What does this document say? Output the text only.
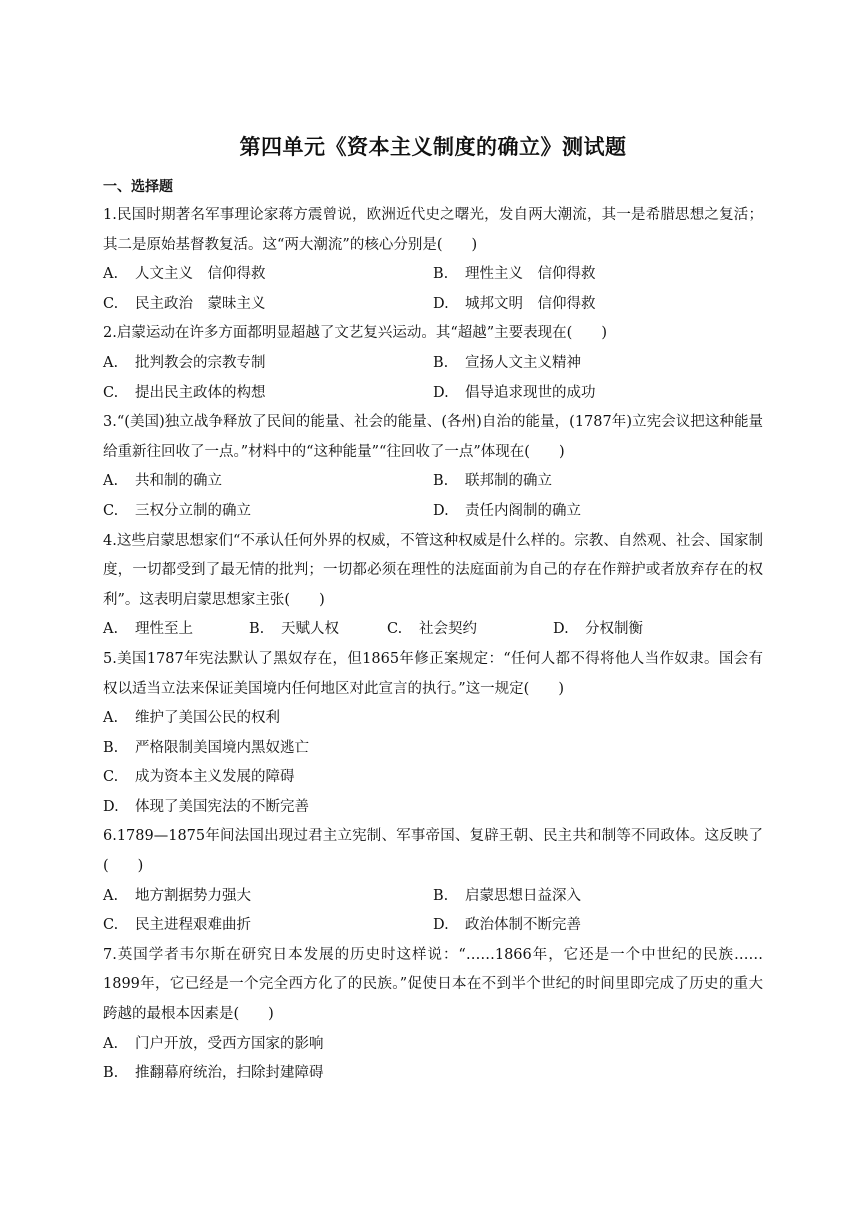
第四单元《资本主义制度的确立》测试题
一、选择题

1.民国时期著名军事理论家蒋方震曾说，欧洲近代史之曙光，发自两大潮流，其一是希腊思想之复活；其二是原始基督教复活。这“两大潮流”的核心分别是(　　)

A. 人文主义　信仰得救	B. 理性主义　信仰得救
C. 民主政治　蒙昧主义	D. 城邦文明　信仰得救

2.启蒙运动在许多方面都明显超越了文艺复兴运动。其“超越”主要表现在(　　)

A. 批判教会的宗教专制	B. 宣扬人文主义精神
C. 提出民主政体的构想	D. 倡导追求现世的成功

3.“(美国)独立战争释放了民间的能量、社会的能量、(各州)自治的能量，(1787年)立宪会议把这种能量给重新往回收了一点。”材料中的“这种能量”“往回收了一点”体现在(　　)

A. 共和制的确立	B. 联邦制的确立
C. 三权分立制的确立	D. 责任内阁制的确立

4.这些启蒙思想家们“不承认任何外界的权威，不管这种权威是什么样的。宗教、自然观、社会、国家制度，一切都受到了最无情的批判；一切都必须在理性的法庭面前为自己的存在作辩护或者放弃存在的权利”。这表明启蒙思想家主张(　　)

A. 理性至上	B. 天赋人权	C. 社会契约	D. 分权制衡

5.美国1787年宪法默认了黑奴存在，但1865年修正案规定：“任何人都不得将他人当作奴隶。国会有权以适当立法来保证美国境内任何地区对此宣言的执行。”这一规定(　　)

A. 维护了美国公民的权利
B. 严格限制美国境内黑奴逃亡
C. 成为资本主义发展的障碍
D. 体现了美国宪法的不断完善

6.1789—1875年间法国出现过君主立宪制、军事帝国、复辟王朝、民主共和制等不同政体。这反映了(　　)

A. 地方割据势力强大	B. 启蒙思想日益深入
C. 民主进程艰难曲折	D. 政治体制不断完善

7.英国学者韦尔斯在研究日本发展的历史时这样说：“……1866年，它还是一个中世纪的民族……1899年，它已经是一个完全西方化了的民族。”促使日本在不到半个世纪的时间里即完成了历史的重大跨越的最根本因素是(　　)

A. 门户开放，受西方国家的影响
B. 推翻幕府统治，扫除封建障碍
